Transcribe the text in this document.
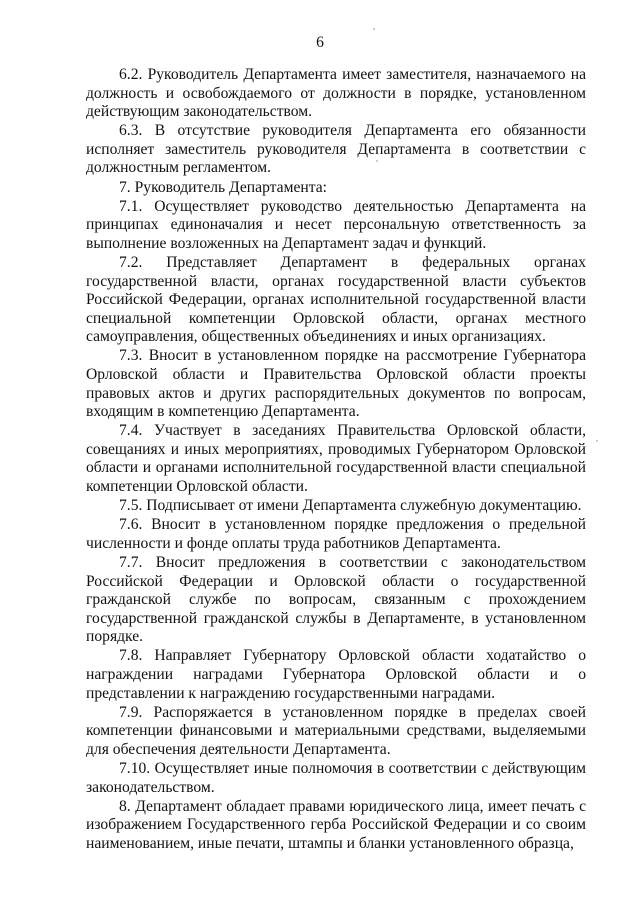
6

6.2. Руководитель Департамента имеет заместителя, назначаемого на должность и освобождаемого от должности в порядке, установленном действующим законодательством.

6.3. В отсутствие руководителя Департамента его обязанности исполняет заместитель руководителя Департамента в соответствии с должностным регламентом.

7. Руководитель Департамента:

7.1. Осуществляет руководство деятельностью Департамента на принципах единоначалия и несет персональную ответственность за выполнение возложенных на Департамент задач и функций.

7.2. Представляет Департамент в федеральных органах государственной власти, органах государственной власти субъектов Российской Федерации, органах исполнительной государственной власти специальной компетенции Орловской области, органах местного самоуправления, общественных объединениях и иных организациях.

7.3. Вносит в установленном порядке на рассмотрение Губернатора Орловской области и Правительства Орловской области проекты правовых актов и других распорядительных документов по вопросам, входящим в компетенцию Департамента.

7.4. Участвует в заседаниях Правительства Орловской области, совещаниях и иных мероприятиях, проводимых Губернатором Орловской области и органами исполнительной государственной власти специальной компетенции Орловской области.

7.5. Подписывает от имени Департамента служебную документацию.

7.6. Вносит в установленном порядке предложения о предельной численности и фонде оплаты труда работников Департамента.

7.7. Вносит предложения в соответствии с законодательством Российской Федерации и Орловской области о государственной гражданской службе по вопросам, связанным с прохождением государственной гражданской службы в Департаменте, в установленном порядке.

7.8. Направляет Губернатору Орловской области ходатайство о награждении наградами Губернатора Орловской области и о представлении к награждению государственными наградами.

7.9. Распоряжается в установленном порядке в пределах своей компетенции финансовыми и материальными средствами, выделяемыми для обеспечения деятельности Департамента.

7.10. Осуществляет иные полномочия в соответствии с действующим законодательством.

8. Департамент обладает правами юридического лица, имеет печать с изображением Государственного герба Российской Федерации и со своим наименованием, иные печати, штампы и бланки установленного образца,
